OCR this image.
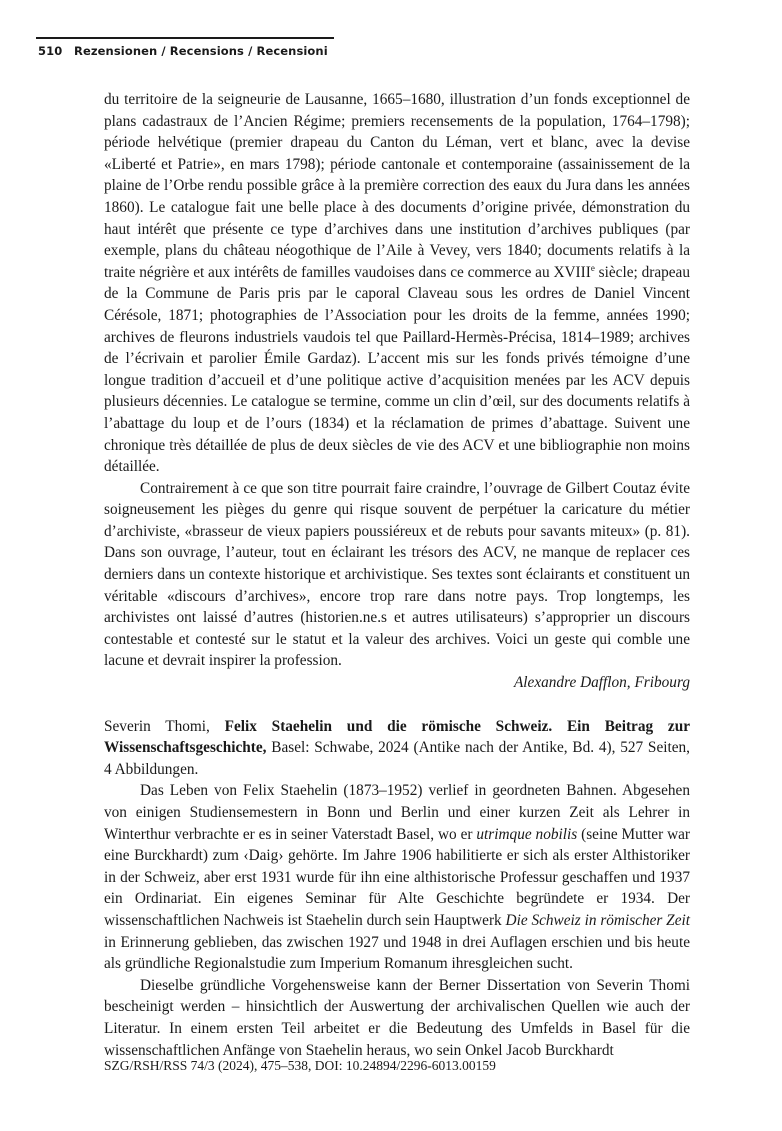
510 Rezensionen / Recensions / Recensioni

du territoire de la seigneurie de Lausanne, 1665–1680, illustration d’un fonds exceptionnel de plans cadastraux de l’Ancien Régime; premiers recensements de la population, 1764–1798); période helvétique (premier drapeau du Canton du Léman, vert et blanc, avec la devise «Liberté et Patrie», en mars 1798); période cantonale et contemporaine (assainissement de la plaine de l’Orbe rendu possible grâce à la première correction des eaux du Jura dans les années 1860). Le catalogue fait une belle place à des documents d’origine privée, démonstration du haut intérêt que présente ce type d’archives dans une institution d’archives publiques (par exemple, plans du château néogothique de l’Aile à Vevey, vers 1840; documents relatifs à la traite négrière et aux intérêts de familles vaudoises dans ce commerce au XVIIIe siècle; drapeau de la Commune de Paris pris par le caporal Claveau sous les ordres de Daniel Vincent Cérésole, 1871; photographies de l’Association pour les droits de la femme, années 1990; archives de fleurons industriels vaudois tel que Paillard-Hermès-Précisa, 1814–1989; archives de l’écrivain et parolier Émile Gardaz). L’accent mis sur les fonds privés témoigne d’une longue tradition d’accueil et d’une politique active d’acquisition menées par les ACV depuis plusieurs décennies. Le catalogue se termine, comme un clin d’œil, sur des documents relatifs à l’abattage du loup et de l’ours (1834) et la réclamation de primes d’abattage. Suivent une chronique très détaillée de plus de deux siècles de vie des ACV et une bibliographie non moins détaillée.

Contrairement à ce que son titre pourrait faire craindre, l’ouvrage de Gilbert Coutaz évite soigneusement les pièges du genre qui risque souvent de perpétuer la caricature du métier d’archiviste, «brasseur de vieux papiers poussiéreux et de rebuts pour savants miteux» (p. 81). Dans son ouvrage, l’auteur, tout en éclairant les trésors des ACV, ne manque de replacer ces derniers dans un contexte historique et archivistique. Ses textes sont éclairants et constituent un véritable «discours d’archives», encore trop rare dans notre pays. Trop longtemps, les archivistes ont laissé d’autres (historien.ne.s et autres utilisateurs) s’approprier un discours contestable et contesté sur le statut et la valeur des archives. Voici un geste qui comble une lacune et devrait inspirer la profession.

Alexandre Dafflon, Fribourg

Severin Thomi, Felix Staehelin und die römische Schweiz. Ein Beitrag zur Wissenschaftsgeschichte, Basel: Schwabe, 2024 (Antike nach der Antike, Bd. 4), 527 Seiten, 4 Abbildungen.

Das Leben von Felix Staehelin (1873–1952) verlief in geordneten Bahnen. Abgesehen von einigen Studiensemestern in Bonn und Berlin und einer kurzen Zeit als Lehrer in Winterthur verbrachte er es in seiner Vaterstadt Basel, wo er utrimque nobilis (seine Mutter war eine Burckhardt) zum ‹Daig› gehörte. Im Jahre 1906 habilitierte er sich als erster Althistoriker in der Schweiz, aber erst 1931 wurde für ihn eine althistorische Professur geschaffen und 1937 ein Ordinariat. Ein eigenes Seminar für Alte Geschichte begründete er 1934. Der wissenschaftlichen Nachweis ist Staehelin durch sein Hauptwerk Die Schweiz in römischer Zeit in Erinnerung geblieben, das zwischen 1927 und 1948 in drei Auflagen erschien und bis heute als gründliche Regionalstudie zum Imperium Romanum ihresgleichen sucht.

Dieselbe gründliche Vorgehensweise kann der Berner Dissertation von Severin Thomi bescheinigt werden – hinsichtlich der Auswertung der archivalischen Quellen wie auch der Literatur. In einem ersten Teil arbeitet er die Bedeutung des Umfelds in Basel für die wissenschaftlichen Anfänge von Staehelin heraus, wo sein Onkel Jacob Burckhardt

SZG/RSH/RSS 74/3 (2024), 475–538, DOI: 10.24894/2296-6013.00159
